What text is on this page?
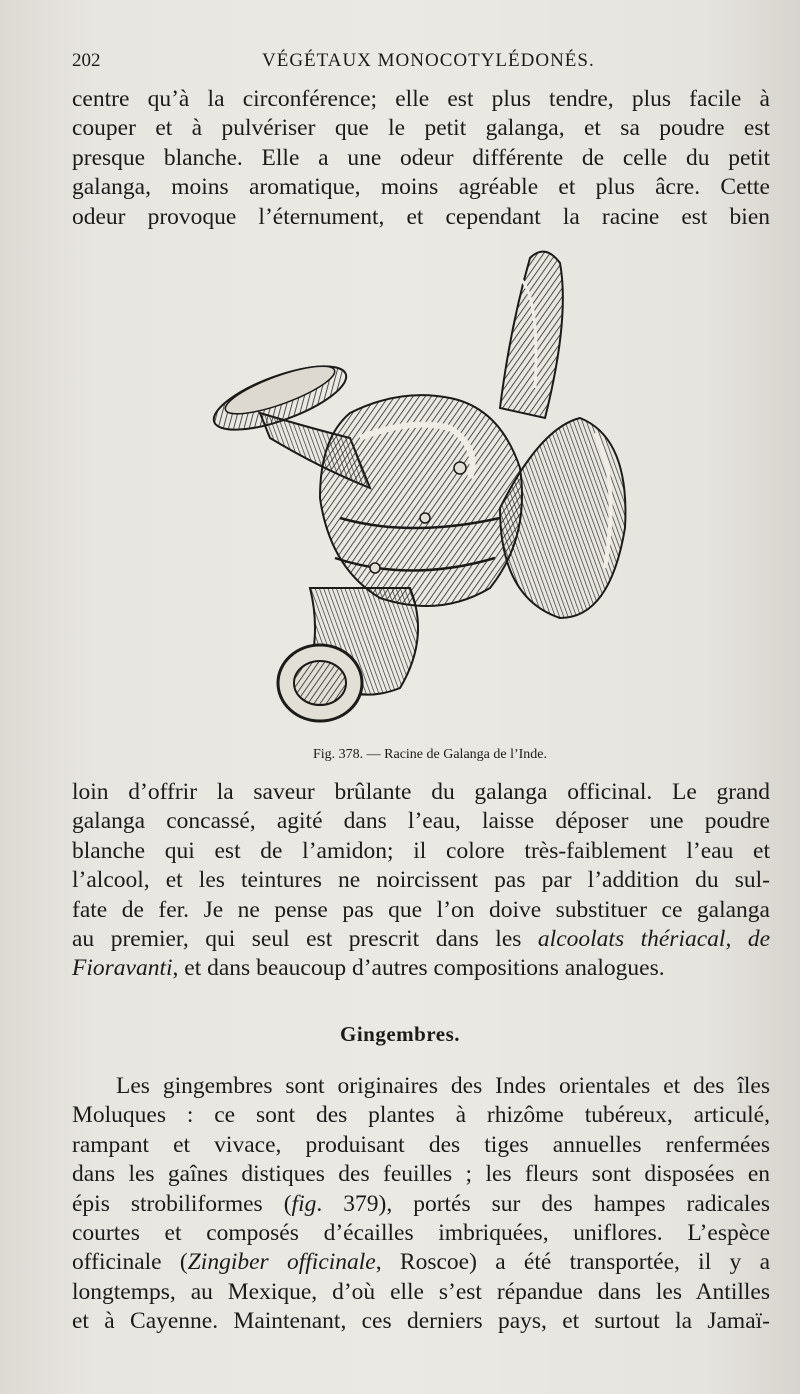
202	VÉGÉTAUX MONOCOTYLÉDONÉS.
centre qu’à la circonférence; elle est plus tendre, plus facile à
couper et à pulvériser que le petit galanga, et sa poudre est
presque blanche. Elle a une odeur différente de celle du petit
galanga, moins aromatique, moins agréable et plus âcre. Cette
odeur provoque l’éternument, et cependant la racine est bien
Fig. 378. — Racine de Galanga de l’Inde.
loin d’offrir la saveur brûlante du galanga officinal. Le grand
galanga concassé, agité dans l’eau, laisse déposer une poudre
blanche qui est de l’amidon; il colore très-faiblement l’eau et
l’alcool, et les teintures ne noircissent pas par l’addition du sul-
fate de fer. Je ne pense pas que l’on doive substituer ce galanga
au premier, qui seul est prescrit dans les alcoolats thériacal, de
Fioravanti, et dans beaucoup d’autres compositions analogues.
Gingembres.
Les gingembres sont originaires des Indes orientales et des îles
Moluques : ce sont des plantes à rhizôme tubéreux, articulé,
rampant et vivace, produisant des tiges annuelles renfermées
dans les gaînes distiques des feuilles ; les fleurs sont disposées en
épis strobiliformes (fig. 379), portés sur des hampes radicales
courtes et composés d’écailles imbriquées, uniflores. L’espèce
officinale (Zingiber officinale, Roscoe) a été transportée, il y a
longtemps, au Mexique, d’où elle s’est répandue dans les Antilles
et à Cayenne. Maintenant, ces derniers pays, et surtout la Jamaï-
